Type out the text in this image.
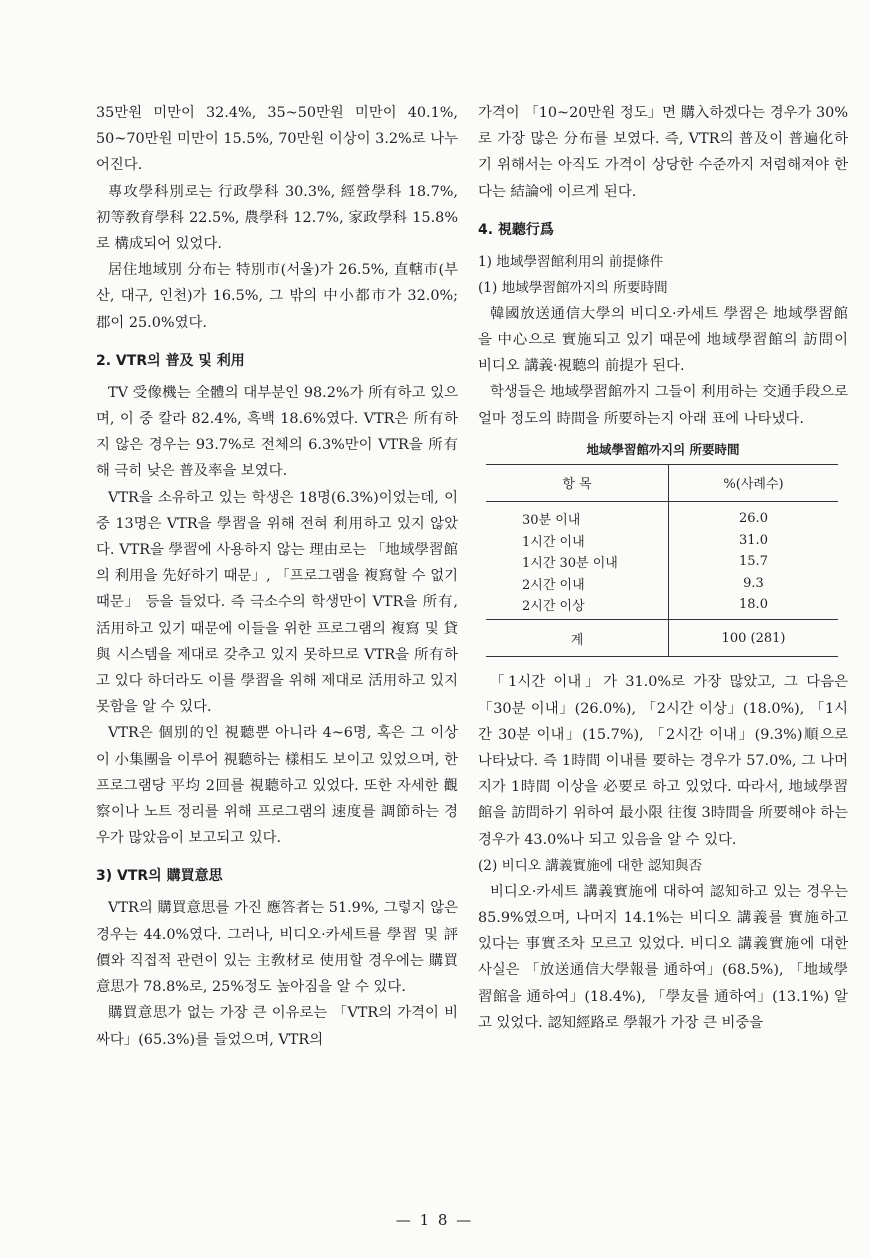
35만원 미만이 32.4%, 35~50만원 미만이 40.1%, 50~70만원 미만이 15.5%, 70만원 이상이 3.2%로 나누어진다.

專攻學科別로는 行政學科 30.3%, 經營學科 18.7%, 初等敎育學科 22.5%, 農學科 12.7%, 家政學科 15.8%로 構成되어 있었다.

居住地域別 分布는 特別市(서울)가 26.5%, 直轄市(부산, 대구, 인천)가 16.5%, 그 밖의 中小都市가 32.0%; 郡이 25.0%였다.

2. VTR의 普及 및 利用

TV 受像機는 全體의 대부분인 98.2%가 所有하고 있으며, 이 중 칼라 82.4%, 흑백 18.6%였다. VTR은 所有하지 않은 경우는 93.7%로 전체의 6.3%만이 VTR을 所有해 극히 낮은 普及率을 보였다.

VTR을 소유하고 있는 학생은 18명(6.3%)이었는데, 이 중 13명은 VTR을 學習을 위해 전혀 利用하고 있지 않았다. VTR을 學習에 사용하지 않는 理由로는 「地域學習館의 利用을 先好하기 때문」, 「프로그램을 複寫할 수 없기 때문」 등을 들었다. 즉 극소수의 학생만이 VTR을 所有, 活用하고 있기 때문에 이들을 위한 프로그램의 複寫 및 貸與 시스템을 제대로 갖추고 있지 못하므로 VTR을 所有하고 있다 하더라도 이를 學習을 위해 제대로 活用하고 있지 못함을 알 수 있다.

VTR은 個別的인 視聽뿐 아니라 4~6명, 혹은 그 이상이 小集團을 이루어 視聽하는 樣相도 보이고 있었으며, 한 프로그램당 平均 2回를 視聽하고 있었다. 또한 자세한 觀察이나 노트 정리를 위해 프로그램의 速度를 調節하는 경우가 많았음이 보고되고 있다.

3) VTR의 購買意思

VTR의 購買意思를 가진 應答者는 51.9%, 그렇지 않은 경우는 44.0%였다. 그러나, 비디오·카세트를 學習 및 評價와 직접적 관련이 있는 主敎材로 使用할 경우에는 購買意思가 78.8%로, 25%정도 높아짐을 알 수 있다.

購買意思가 없는 가장 큰 이유로는 「VTR의 가격이 비싸다」(65.3%)를 들었으며, VTR의

가격이 「10~20만원 정도」면 購入하겠다는 경우가 30%로 가장 많은 分布를 보였다. 즉, VTR의 普及이 普遍化하기 위해서는 아직도 가격이 상당한 수준까지 저렴해져야 한다는 結論에 이르게 된다.

4. 視聽行爲
1) 地域學習館利用의 前提條件
(1) 地域學習館까지의 所要時間

韓國放送通信大學의 비디오·카세트 學習은 地域學習館을 中心으로 實施되고 있기 때문에 地域學習館의 訪問이 비디오 講義·視聽의 前提가 된다.

학생들은 地域學習館까지 그들이 利用하는 交通手段으로 얼마 정도의 時間을 所要하는지 아래 표에 나타냈다.

地域學習館까지의 所要時間
항 목	%(사례수)
30분 이내	26.0
1시간 이내	31.0
1시간 30분 이내	15.7
2시간 이내	9.3
2시간 이상	18.0
계	100 (281)

「1시간 이내」가 31.0%로 가장 많았고, 그 다음은 「30분 이내」(26.0%), 「2시간 이상」(18.0%), 「1시간 30분 이내」(15.7%), 「2시간 이내」(9.3%)順으로 나타났다. 즉 1時間 이내를 要하는 경우가 57.0%, 그 나머지가 1時間 이상을 必要로 하고 있었다. 따라서, 地域學習館을 訪問하기 위하여 最小限 往復 3時間을 所要해야 하는 경우가 43.0%나 되고 있음을 알 수 있다.

(2) 비디오 講義實施에 대한 認知與否

비디오·카세트 講義實施에 대하여 認知하고 있는 경우는 85.9%였으며, 나머지 14.1%는 비디오 講義를 實施하고 있다는 事實조차 모르고 있었다. 비디오 講義實施에 대한 사실은 「放送通信大學報를 通하여」(68.5%), 「地域學習館을 通하여」(18.4%), 「學友를 通하여」(13.1%) 알고 있었다. 認知經路로 學報가 가장 큰 비중을

— 1 8 —
